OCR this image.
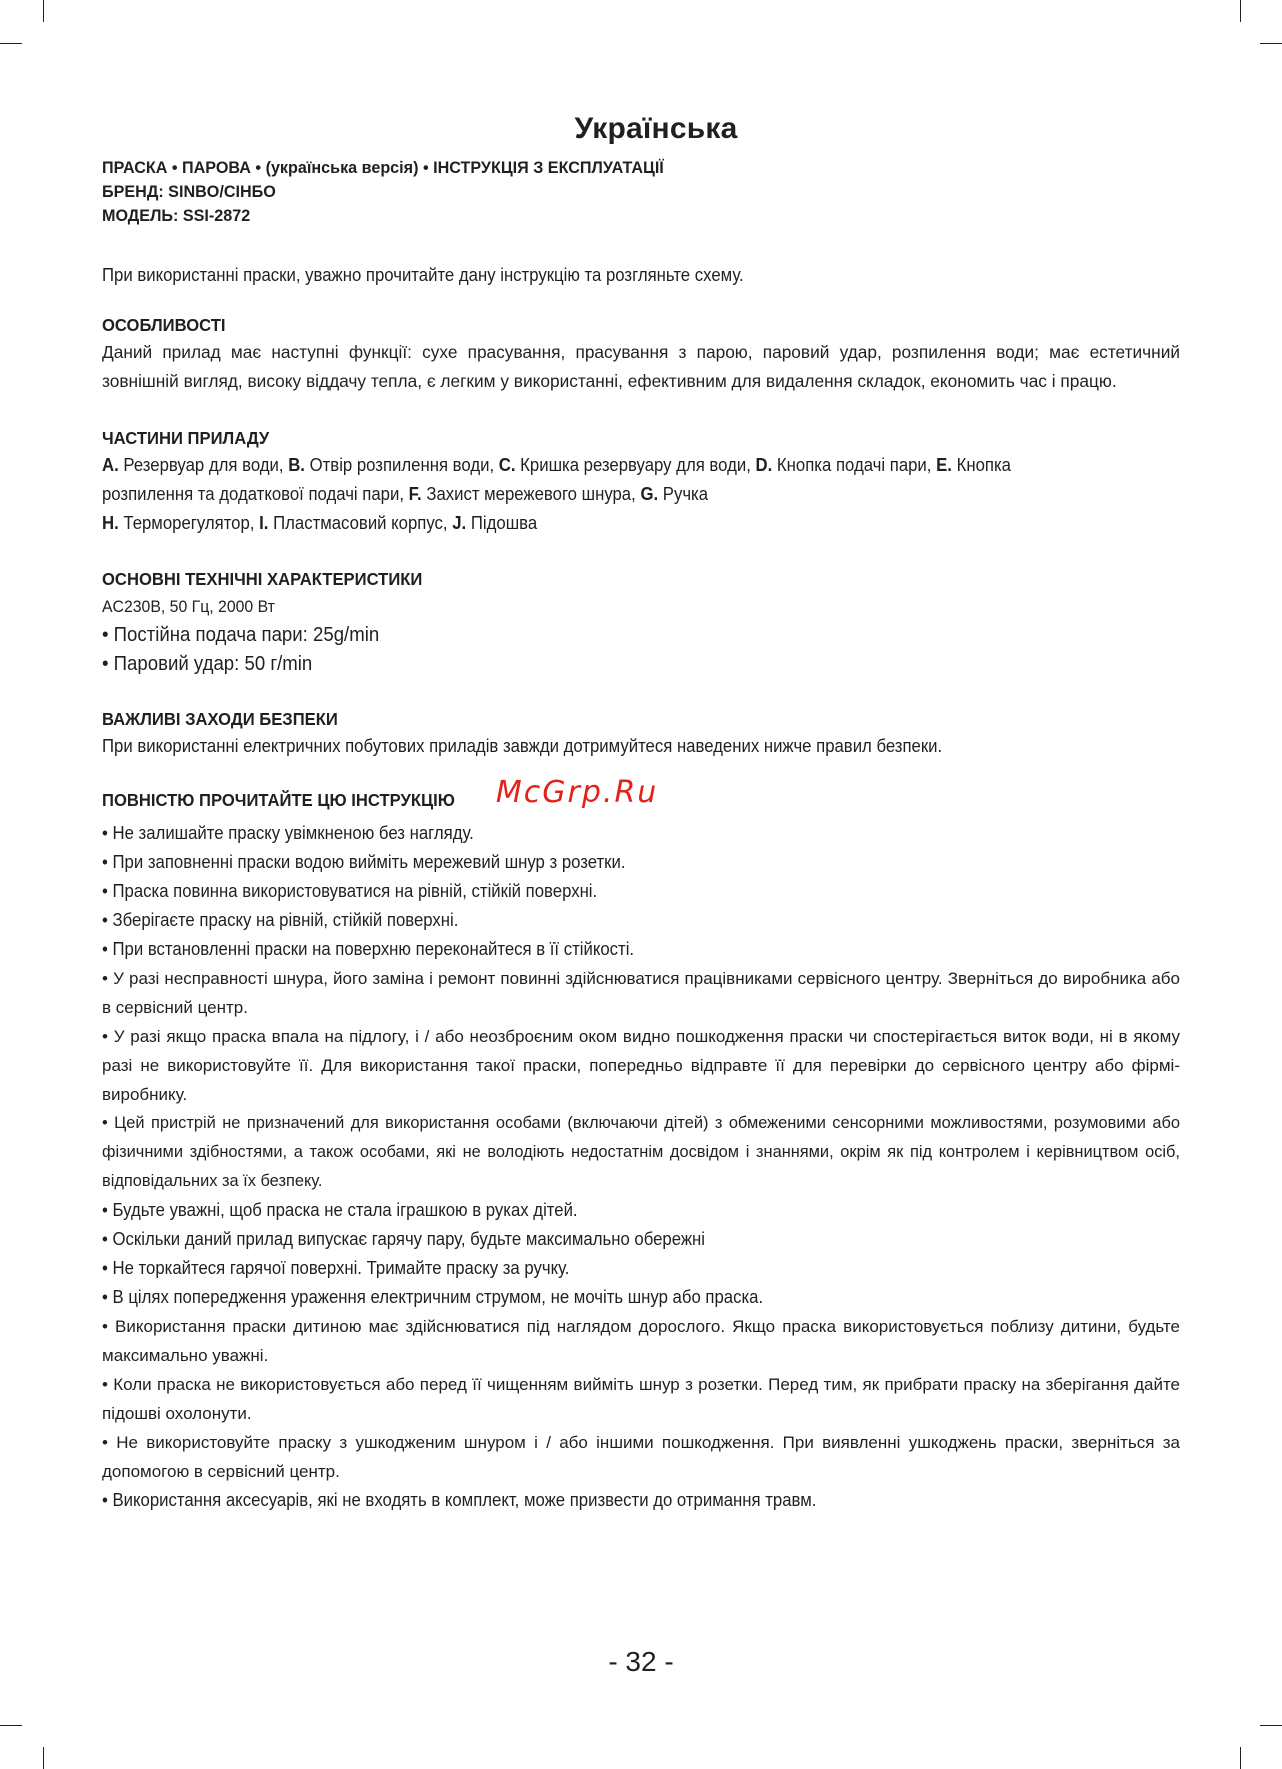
Українська
ПРАСКА • ПАРОВА • (українська версія) • ІНСТРУКЦІЯ З ЕКСПЛУАТАЦІЇ
БРЕНД: SINBO/СІНБО
МОДЕЛЬ: SSI-2872

При використанні праски, уважно прочитайте дану інструкцію та розгляньте схему.

ОСОБЛИВОСТІ

Даний прилад має наступні функції: сухе прасування, прасування з парою, паровий удар, розпилення води; має естетичний зовнішній вигляд, високу віддачу тепла, є легким у використанні, ефективним для видалення складок, економить час і працю.

ЧАСТИНИ ПРИЛАДУ
A. Резервуар для води, B. Отвір розпилення води, C. Кришка резервуару для води, D. Кнопка подачі пари, E. Кнопка
розпилення та додаткової подачі пари, F. Захист мережевого шнура, G. Ручка
H. Терморегулятор, I. Пластмасовий корпус, J. Підошва
ОСНОВНІ ТЕХНІЧНІ ХАРАКТЕРИСТИКИ
AC230В, 50 Гц, 2000 Вт
• Постійна подача пари: 25g/min
• Паровий удар: 50 г/min
ВАЖЛИВІ ЗАХОДИ БЕЗПЕКИ

При використанні електричних побутових приладів завжди дотримуйтеся наведених нижче правил безпеки.

ПОВНІСТЮ ПРОЧИТАЙТЕ ЦЮ ІНСТРУКЦІЮ McGrp.Ru
• Не залишайте праску увімкненою без нагляду.
• При заповненні праски водою вийміть мережевий шнур з розетки.
• Праска повинна використовуватися на рівній, стійкій поверхні.
• Зберігаєте праску на рівній, стійкій поверхні.
• При встановленні праски на поверхню переконайтеся в її стійкості.

• У разі несправності шнура, його заміна і ремонт повинні здійснюватися працівниками сервісного центру. Зверніться до виробника або в сервісний центр.

• У разі якщо праска впала на підлогу, і / або неозброєним оком видно пошкодження праски чи спостерігається виток води, ні в якому разі не використовуйте її. Для використання такої праски, попередньо відправте її для перевірки до сервісного центру або фірмі-виробнику.

• Цей пристрій не призначений для використання особами (включаючи дітей) з обмеженими сенсорними можливостями, розумовими або фізичними здібностями, а також особами, які не володіють недостатнім досвідом і знаннями, окрім як під контролем і керівництвом осіб, відповідальних за їх безпеку.

• Будьте уважні, щоб праска не стала іграшкою в руках дітей.
• Оскільки даний прилад випускає гарячу пару, будьте максимально обережні
• Не торкайтеся гарячої поверхні. Тримайте праску за ручку.
• В цілях попередження ураження електричним струмом, не мочіть шнур або праска.

• Використання праски дитиною має здійснюватися під наглядом дорослого. Якщо праска використовується поблизу дитини, будьте максимально уважні.

• Коли праска не використовується або перед її чищенням вийміть шнур з розетки. Перед тим, як прибрати праску на зберігання дайте підошві охолонути.

• Не використовуйте праску з ушкодженим шнуром і / або іншими пошкодження. При виявленні ушкоджень праски, зверніться за допомогою в сервісний центр.

• Використання аксесуарів, які не входять в комплект, може призвести до отримання травм.
- 32 -
